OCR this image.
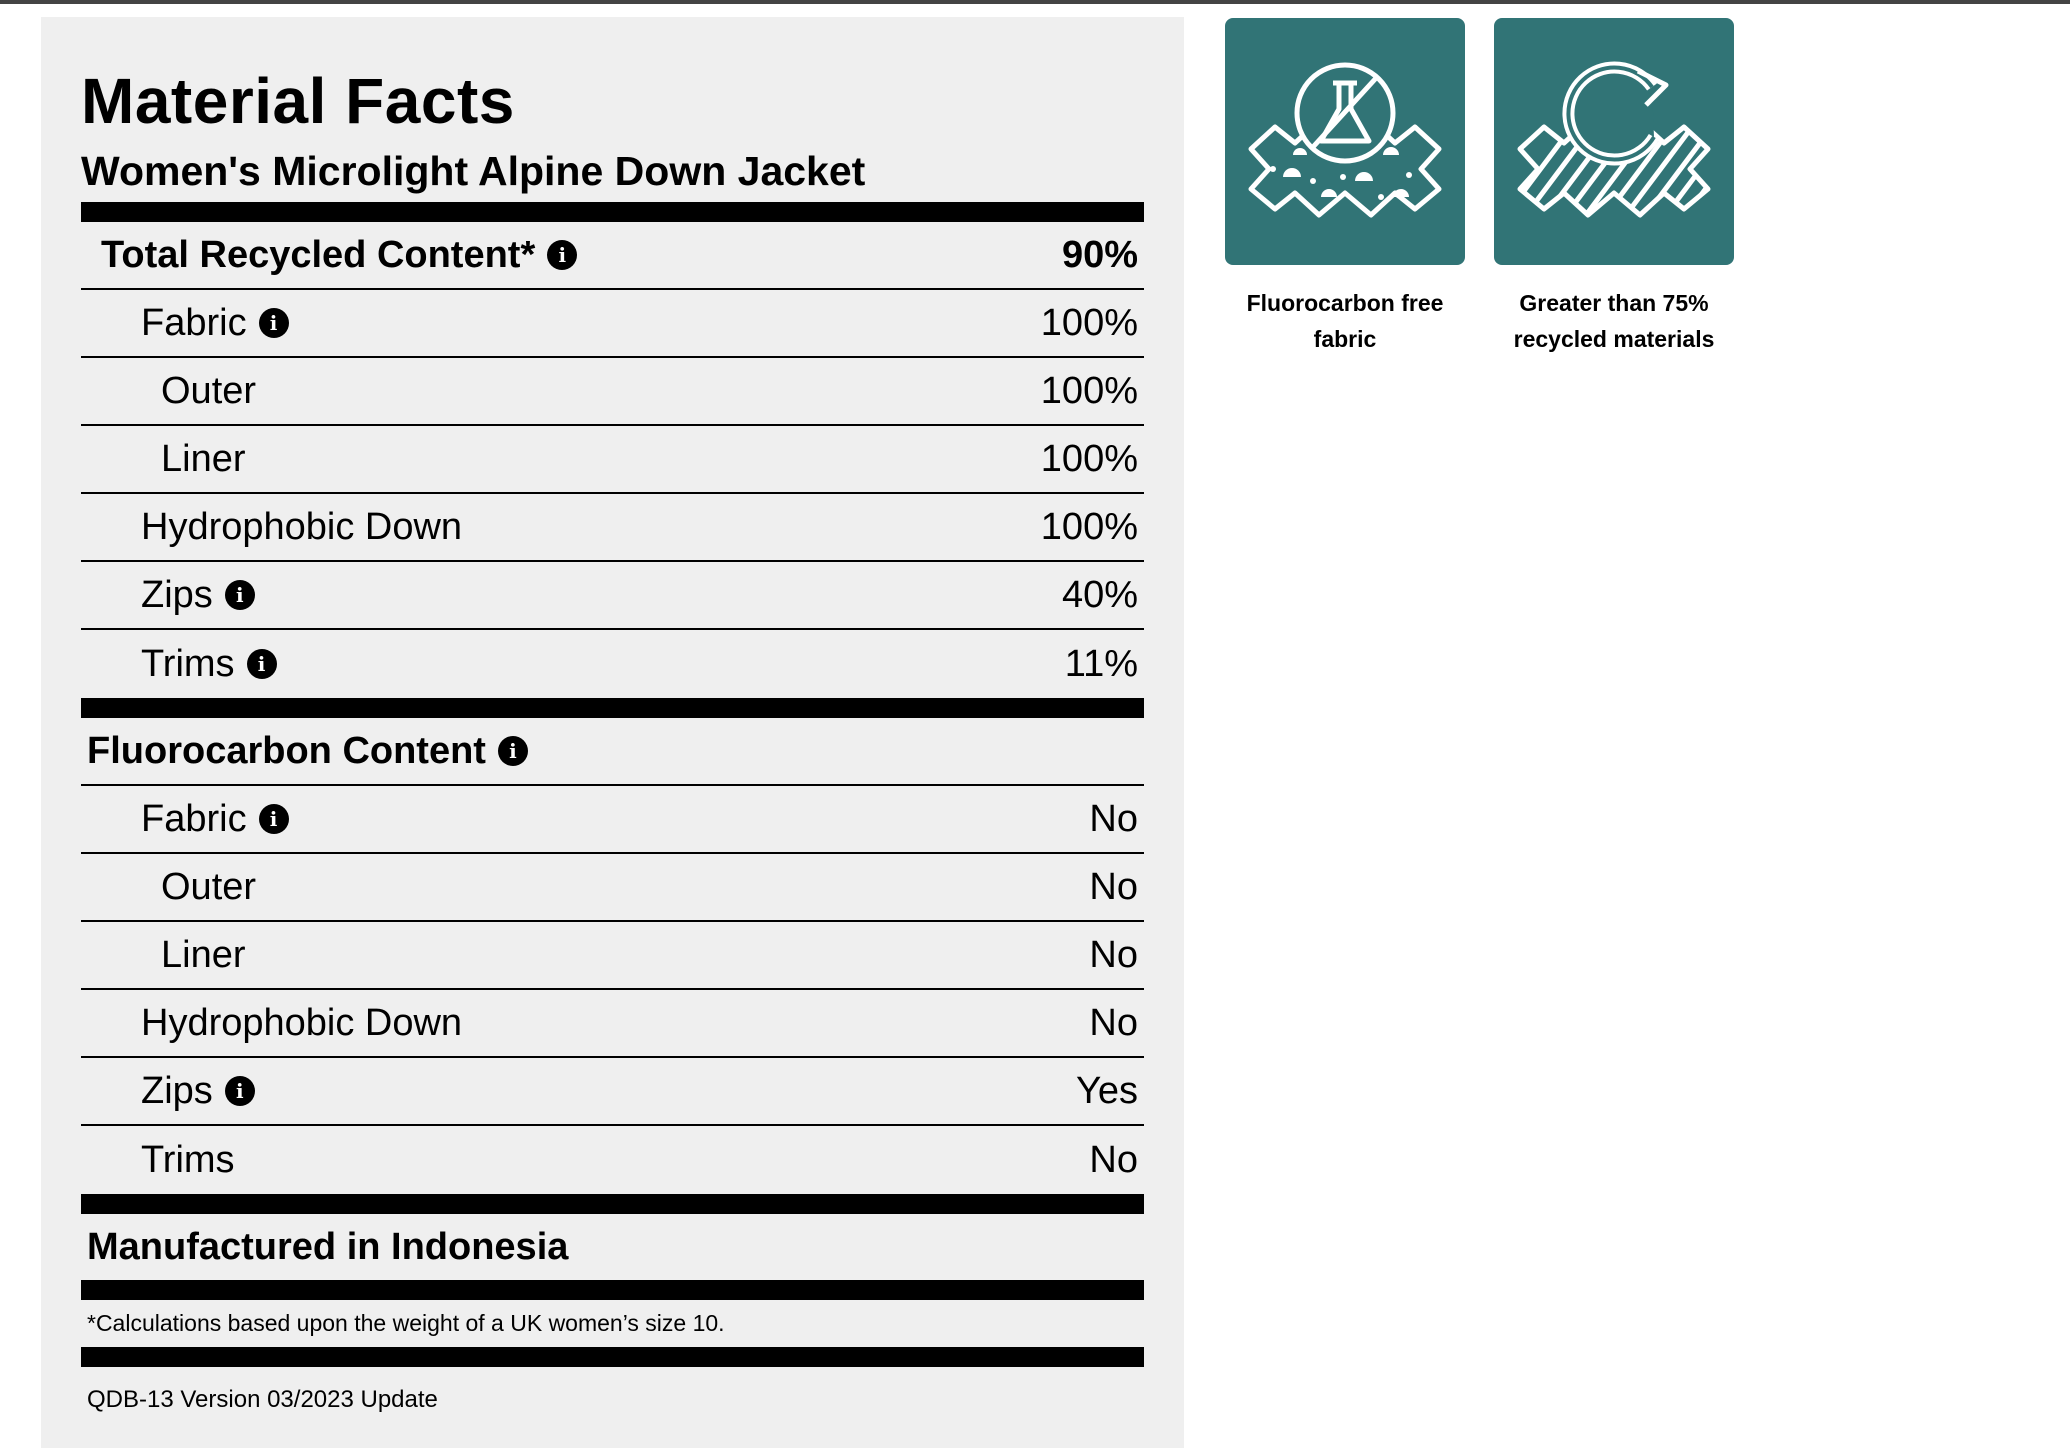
Material Facts
Women's Microlight Alpine Down Jacket
Total Recycled Content*	i	90%
Fabric	i	100%
Outer	100%
Liner	100%
Hydrophobic Down	100%
Zips	i	40%
Trims	i	11%
Fluorocarbon Content	i
Fabric	i	No
Outer	No
Liner	No
Hydrophobic Down	No
Zips	i	Yes
Trims	No
Manufactured in Indonesia
*Calculations based upon the weight of a UK women’s size 10.
QDB-13 Version 03/2023 Update
Fluorocarbon free
fabric
Greater than 75%
recycled materials
